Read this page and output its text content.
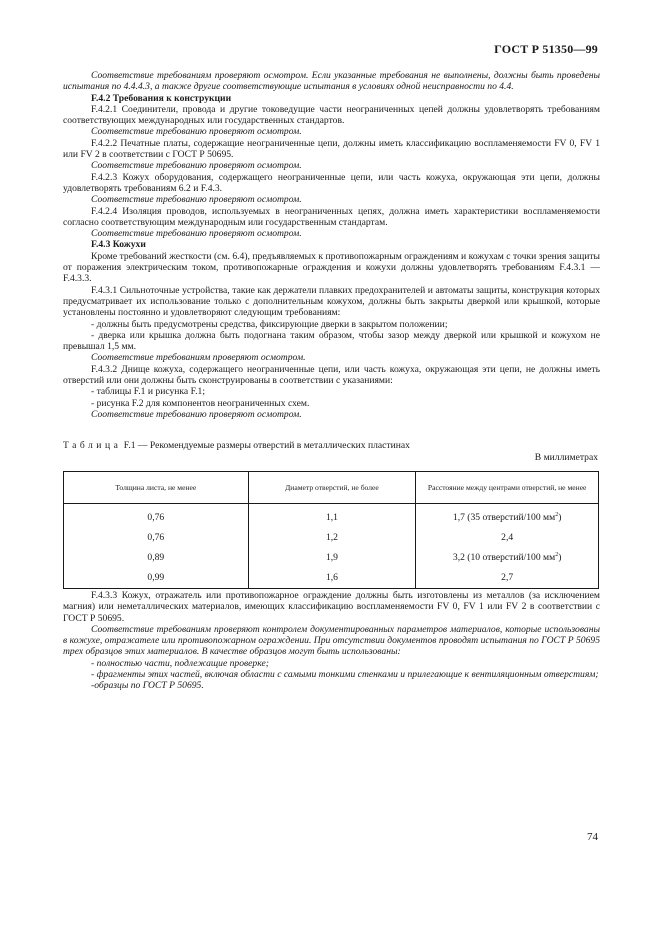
ГОСТ Р 51350—99

Соответствие требованиям проверяют осмотром. Если указанные требования не выполнены, должны быть проведены испытания по 4.4.4.3, а также другие соответствующие испытания в условиях одной неисправности по 4.4.

F.4.2 Требования к конструкции

F.4.2.1 Соединители, провода и другие токоведущие части неограниченных цепей должны удовлетворять требованиям соответствующих международных или государственных стандартов.

Соответствие требованию проверяют осмотром.

F.4.2.2 Печатные платы, содержащие неограниченные цепи, должны иметь классификацию воспламеняемости FV 0, FV 1 или FV 2 в соответствии с ГОСТ Р 50695.

Соответствие требованию проверяют осмотром.

F.4.2.3 Кожух оборудования, содержащего неограниченные цепи, или часть кожуха, окружающая эти цепи, должны удовлетворять требованиям 6.2 и F.4.3.

Соответствие требованию проверяют осмотром.

F.4.2.4 Изоляция проводов, используемых в неограниченных цепях, должна иметь характеристики воспламеняемости согласно соответствующим международным или государственным стандартам.

Соответствие требованию проверяют осмотром.

F.4.3 Кожухи

Кроме требований жесткости (см. 6.4), предъявляемых к противопожарным ограждениям и кожухам с точки зрения защиты от поражения электрическим током, противопожарные ограждения и кожухи должны удовлетворять требованиям F.4.3.1 — F.4.3.3.

F.4.3.1 Сильноточные устройства, такие как держатели плавких предохранителей и автоматы защиты, конструкция которых предусматривает их использование только с дополнительным кожухом, должны быть закрыты дверкой или крышкой, которые установлены постоянно и удовлетворяют следующим требованиям:

- должны быть предусмотрены средства, фиксирующие дверки в закрытом положении;

- дверка или крышка должна быть подогнана таким образом, чтобы зазор между дверкой или крышкой и кожухом не превышал 1,5 мм.

Соответствие требованиям проверяют осмотром.

F.4.3.2 Днище кожуха, содержащего неограниченные цепи, или часть кожуха, окружающая эти цепи, не должны иметь отверстий или они должны быть сконструированы в соответствии с указаниями:

- таблицы F.1 и рисунка F.1;

- рисунка F.2 для компонентов неограниченных схем.

Соответствие требованию проверяют осмотром.

Таблица F.1 — Рекомендуемые размеры отверстий в металлических пластинах
В миллиметрах
Толщина листа, не менее	Диаметр отверстий, не более	Расстояние между центрами отверстий, не менее
0,76	1,1	1,7 (35 отверстий/100 $мм^2$)
0,76	1,2	2,4
0,89	1,9	3,2 (10 отверстий/100 $мм^2$)
0,99	1,6	2,7

F.4.3.3 Кожух, отражатель или противопожарное ограждение должны быть изготовлены из металлов (за исключением магния) или неметаллических материалов, имеющих классификацию воспламеняемости FV 0, FV 1 или FV 2 в соответствии с ГОСТ Р 50695.

Соответствие требованиям проверяют контролем документированных параметров материалов, которые использованы в кожухе, отражателе или противопожарном ограждении. При отсутствии документов проводят испытания по ГОСТ Р 50695 трех образцов этих материалов. В качестве образцов могут быть использованы:

- полностью части, подлежащие проверке;

- фрагменты этих частей, включая области с самыми тонкими стенками и прилегающие к вентиляционным отверстиям;

-образцы по ГОСТ Р 50695.

74
